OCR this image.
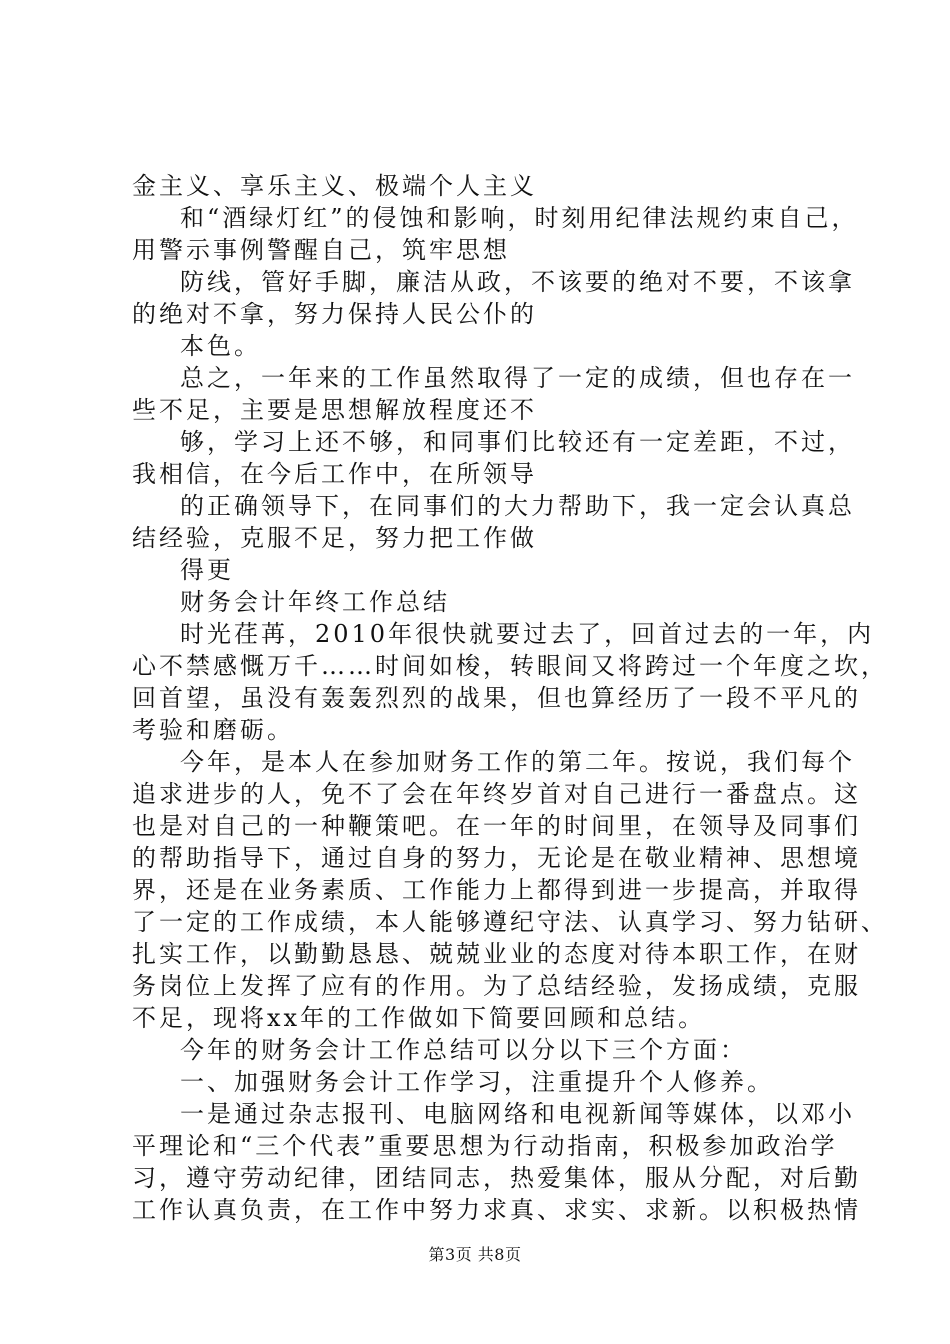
金主义、享乐主义、极端个人主义
和“酒绿灯红”的侵蚀和影响，时刻用纪律法规约束自己，
用警示事例警醒自己，筑牢思想
防线，管好手脚，廉洁从政，不该要的绝对不要，不该拿
的绝对不拿，努力保持人民公仆的
本色。
总之，一年来的工作虽然取得了一定的成绩，但也存在一
些不足，主要是思想解放程度还不
够，学习上还不够，和同事们比较还有一定差距，不过，
我相信，在今后工作中，在所领导
的正确领导下，在同事们的大力帮助下，我一定会认真总
结经验，克服不足，努力把工作做
得更
财务会计年终工作总结
时光荏苒，2010年很快就要过去了，回首过去的一年，内
心不禁感慨万千……时间如梭，转眼间又将跨过一个年度之坎，
回首望，虽没有轰轰烈烈的战果，但也算经历了一段不平凡的
考验和磨砺。
今年，是本人在参加财务工作的第二年。按说，我们每个
追求进步的人，免不了会在年终岁首对自己进行一番盘点。这
也是对自己的一种鞭策吧。在一年的时间里，在领导及同事们
的帮助指导下，通过自身的努力，无论是在敬业精神、思想境
界，还是在业务素质、工作能力上都得到进一步提高，并取得
了一定的工作成绩，本人能够遵纪守法、认真学习、努力钻研、
扎实工作，以勤勤恳恳、兢兢业业的态度对待本职工作，在财
务岗位上发挥了应有的作用。为了总结经验，发扬成绩，克服
不足，现将xx年的工作做如下简要回顾和总结。
今年的财务会计工作总结可以分以下三个方面：
一、加强财务会计工作学习，注重提升个人修养。
一是通过杂志报刊、电脑网络和电视新闻等媒体，以邓小
平理论和“三个代表”重要思想为行动指南，积极参加政治学
习，遵守劳动纪律，团结同志，热爱集体，服从分配，对后勤
工作认真负责，在工作中努力求真、求实、求新。以积极热情
第3页 共8页
